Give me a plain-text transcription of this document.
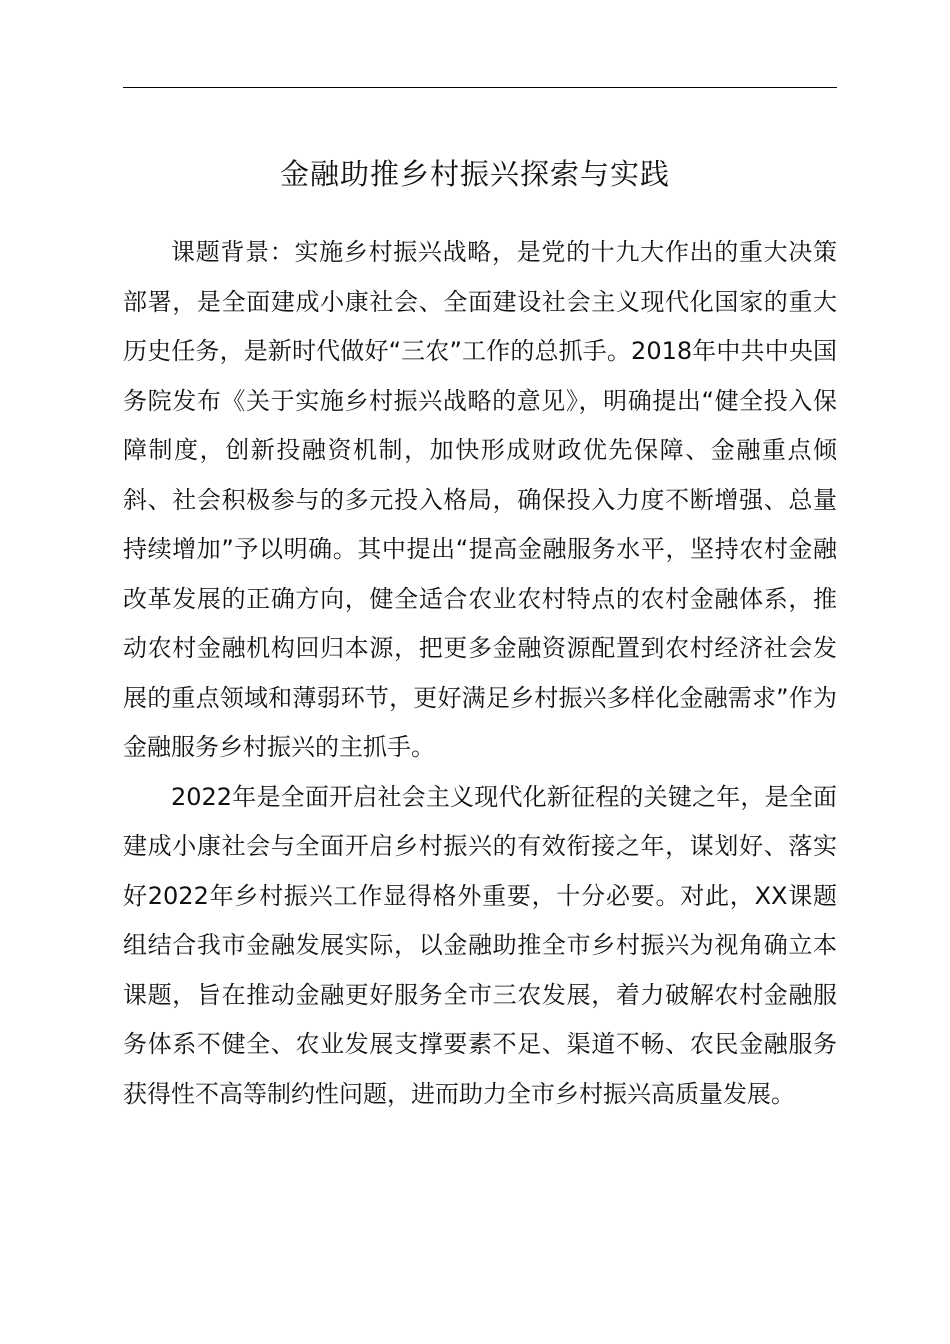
金融助推乡村振兴探索与实践

课题背景：实施乡村振兴战略，是党的十九大作出的重大决策部署，是全面建成小康社会、全面建设社会主义现代化国家的重大历史任务，是新时代做好“三农”工作的总抓手。2018年中共中央国务院发布《关于实施乡村振兴战略的意见》，明确提出“健全投入保障制度，创新投融资机制，加快形成财政优先保障、金融重点倾斜、社会积极参与的多元投入格局，确保投入力度不断增强、总量持续增加”予以明确。其中提出“提高金融服务水平，坚持农村金融改革发展的正确方向，健全适合农业农村特点的农村金融体系，推动农村金融机构回归本源，把更多金融资源配置到农村经济社会发展的重点领域和薄弱环节，更好满足乡村振兴多样化金融需求”作为金融服务乡村振兴的主抓手。

2022年是全面开启社会主义现代化新征程的关键之年，是全面建成小康社会与全面开启乡村振兴的有效衔接之年，谋划好、落实好2022年乡村振兴工作显得格外重要，十分必要。对此，XX课题组结合我市金融发展实际，以金融助推全市乡村振兴为视角确立本课题，旨在推动金融更好服务全市三农发展，着力破解农村金融服务体系不健全、农业发展支撑要素不足、渠道不畅、农民金融服务获得性不高等制约性问题，进而助力全市乡村振兴高质量发展。
